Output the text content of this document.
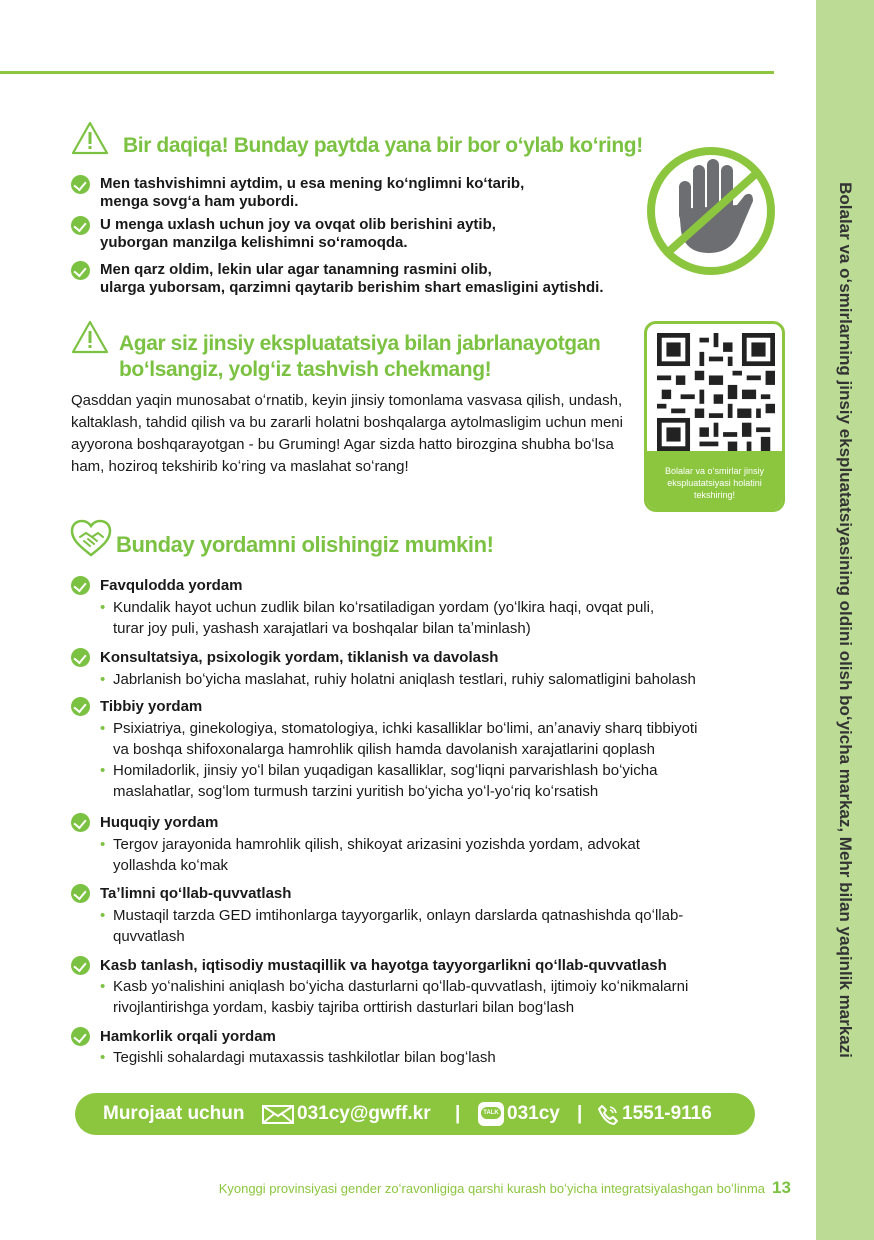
Bolalar va oʻsmirlarning jinsiy ekspluatatsiyasining oldini olish boʻyicha markaz, Mehr bilan yaqinlik markazi
Bir daqiqa! Bunday paytda yana bir bor oʻylab koʻring!
Men tashvishimni aytdim, u esa mening koʻnglimni koʻtarib,
menga sovgʻa ham yubordi.
U menga uxlash uchun joy va ovqat olib berishini aytib,
yuborgan manzilga kelishimni soʻramoqda.
Men qarz oldim, lekin ular agar tanamning rasmini olib,
ularga yuborsam, qarzimni qaytarib berishim shart emasligini aytishdi.
Agar siz jinsiy ekspluatatsiya bilan jabrlanayotgan
boʻlsangiz, yolgʻiz tashvish chekmang!
Qasddan yaqin munosabat oʻrnatib, keyin jinsiy tomonlama vasvasa qilish, undash, kaltaklash, tahdid qilish va bu zararli holatni boshqalarga aytolmasligim uchun meni ayyorona boshqarayotgan - bu Gruming! Agar sizda hatto birozgina shubha boʻlsa ham, hoziroq tekshirib koʻring va maslahat soʻrang!	Bolalar va oʻsmirlar jinsiy ekspluatatsiyasi holatini tekshiring!
Bunday yordamni olishingiz mumkin!
Favqulodda yordam
• Kundalik hayot uchun zudlik bilan koʻrsatiladigan yordam (yoʻlkira haqi, ovqat puli,
turar joy puli, yashash xarajatlari va boshqalar bilan taʼminlash)
Konsultatsiya, psixologik yordam, tiklanish va davolash
• Jabrlanish boʻyicha maslahat, ruhiy holatni aniqlash testlari, ruhiy salomatligini baholash
Tibbiy yordam
• Psixiatriya, ginekologiya, stomatologiya, ichki kasalliklar boʻlimi, anʼanaviy sharq tibbiyoti
va boshqa shifoxonalarga hamrohlik qilish hamda davolanish xarajatlarini qoplash
• Homiladorlik, jinsiy yoʻl bilan yuqadigan kasalliklar, sogʻliqni parvarishlash boʻyicha
maslahatlar, sogʻlom turmush tarzini yuritish boʻyicha yoʻl-yoʻriq koʻrsatish
Huquqiy yordam
• Tergov jarayonida hamrohlik qilish, shikoyat arizasini yozishda yordam, advokat
yollashda koʻmak
Taʼlimni qoʻllab-quvvatlash
• Mustaqil tarzda GED imtihonlarga tayyorgarlik, onlayn darslarda qatnashishda qoʻllab-
quvvatlash
Kasb tanlash, iqtisodiy mustaqillik va hayotga tayyorgarlikni qoʻllab-quvvatlash
• Kasb yoʻnalishini aniqlash boʻyicha dasturlarni qoʻllab-quvvatlash, ijtimoiy koʻnikmalarni
rivojlantirishga yordam, kasbiy tajriba orttirish dasturlari bilan bogʻlash
Hamkorlik orqali yordam
• Tegishli sohalardagi mutaxassis tashkilotlar bilan bogʻlash
Murojaat uchun	031cy@gwff.kr |	TALK 031cy | 1551-9116
Kyonggi provinsiyasi gender zoʻravonligiga qarshi kurash boʻyicha integratsiyalashgan boʻlinma 13
